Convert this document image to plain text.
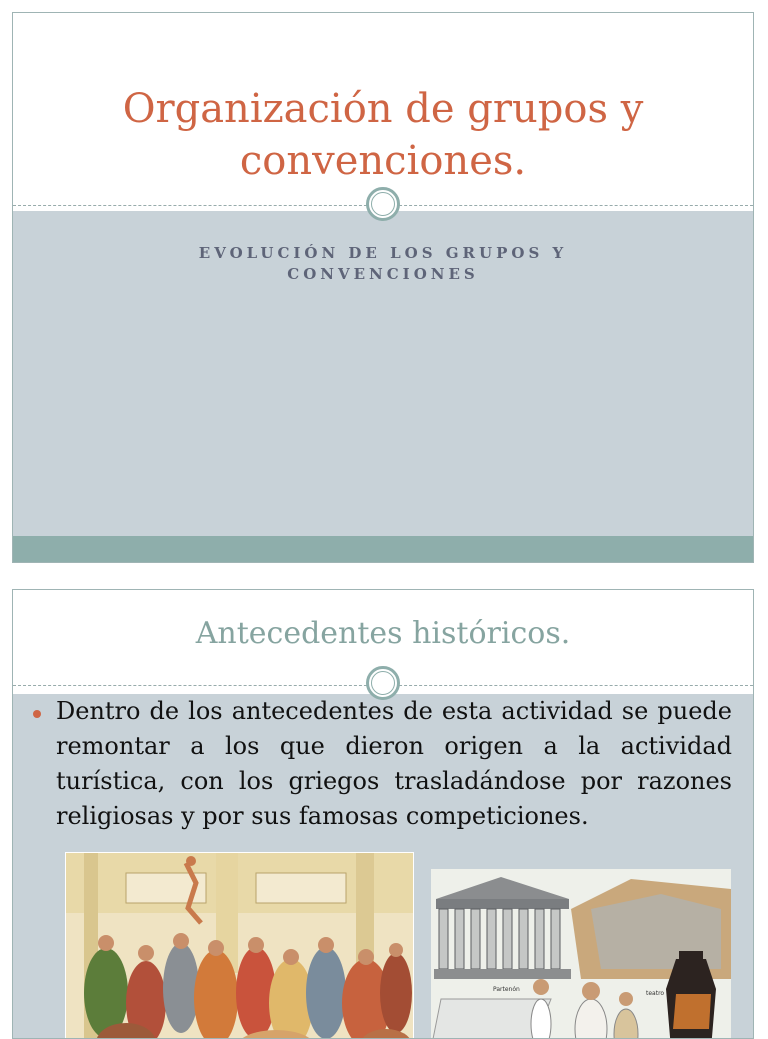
Organización de grupos y convenciones.

EVOLUCIÓN DE LOS GRUPOS Y CONVENCIONES

Antecedentes históricos.

Dentro de los antecedentes de esta actividad se puede remontar a los que dieron origen a la actividad turística, con los griegos trasladándose por razones religiosas y por sus famosas competiciones.

Partenón
teatro
